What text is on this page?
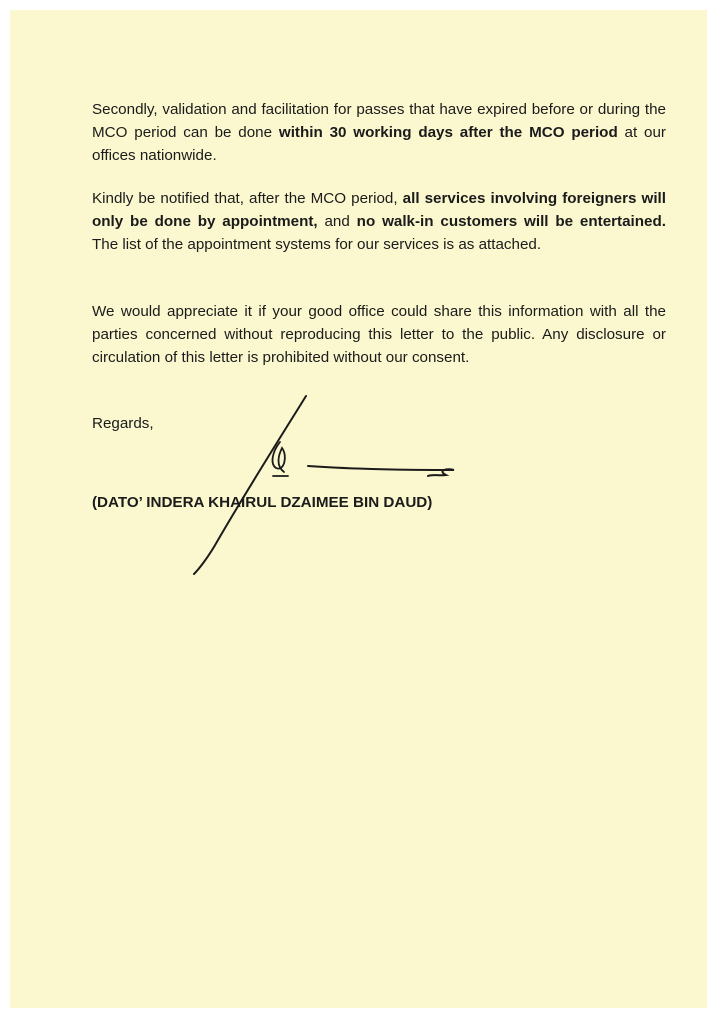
Secondly, validation and facilitation for passes that have expired before or during the MCO period can be done within 30 working days after the MCO period at our offices nationwide.

Kindly be notified that, after the MCO period, all services involving foreigners will only be done by appointment, and no walk-in customers will be entertained. The list of the appointment systems for our services is as attached.

We would appreciate it if your good office could share this information with all the parties concerned without reproducing this letter to the public. Any disclosure or circulation of this letter is prohibited without our consent.

Regards,

(DATO’ INDERA KHAIRUL DZAIMEE BIN DAUD)
